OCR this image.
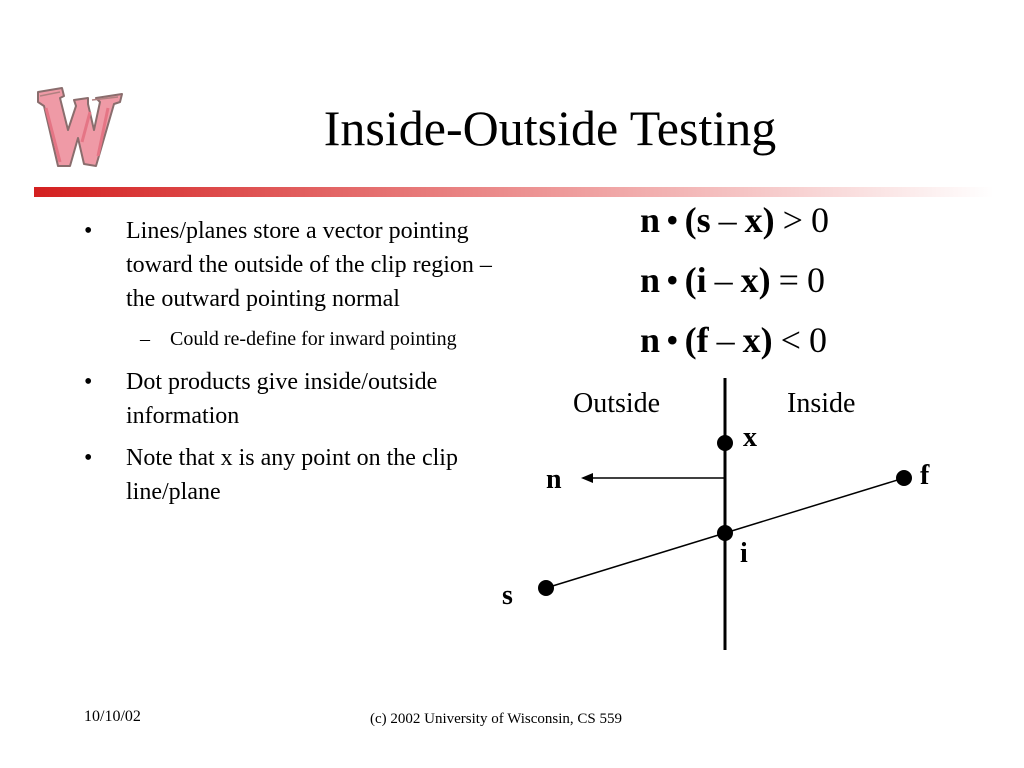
Inside-Outside Testing
• Lines/planes store a vector pointing toward the outside of the clip region – the outward pointing normal
– Could re-define for inward pointing
• Dot products give inside/outside information
• Note that x is any point on the clip line/plane
n • (s – x) > 0
n • (i – x) = 0
n • (f – x) < 0
Outside	Inside
x
n	f
i
s
10/10/02	(c) 2002 University of Wisconsin, CS 559
